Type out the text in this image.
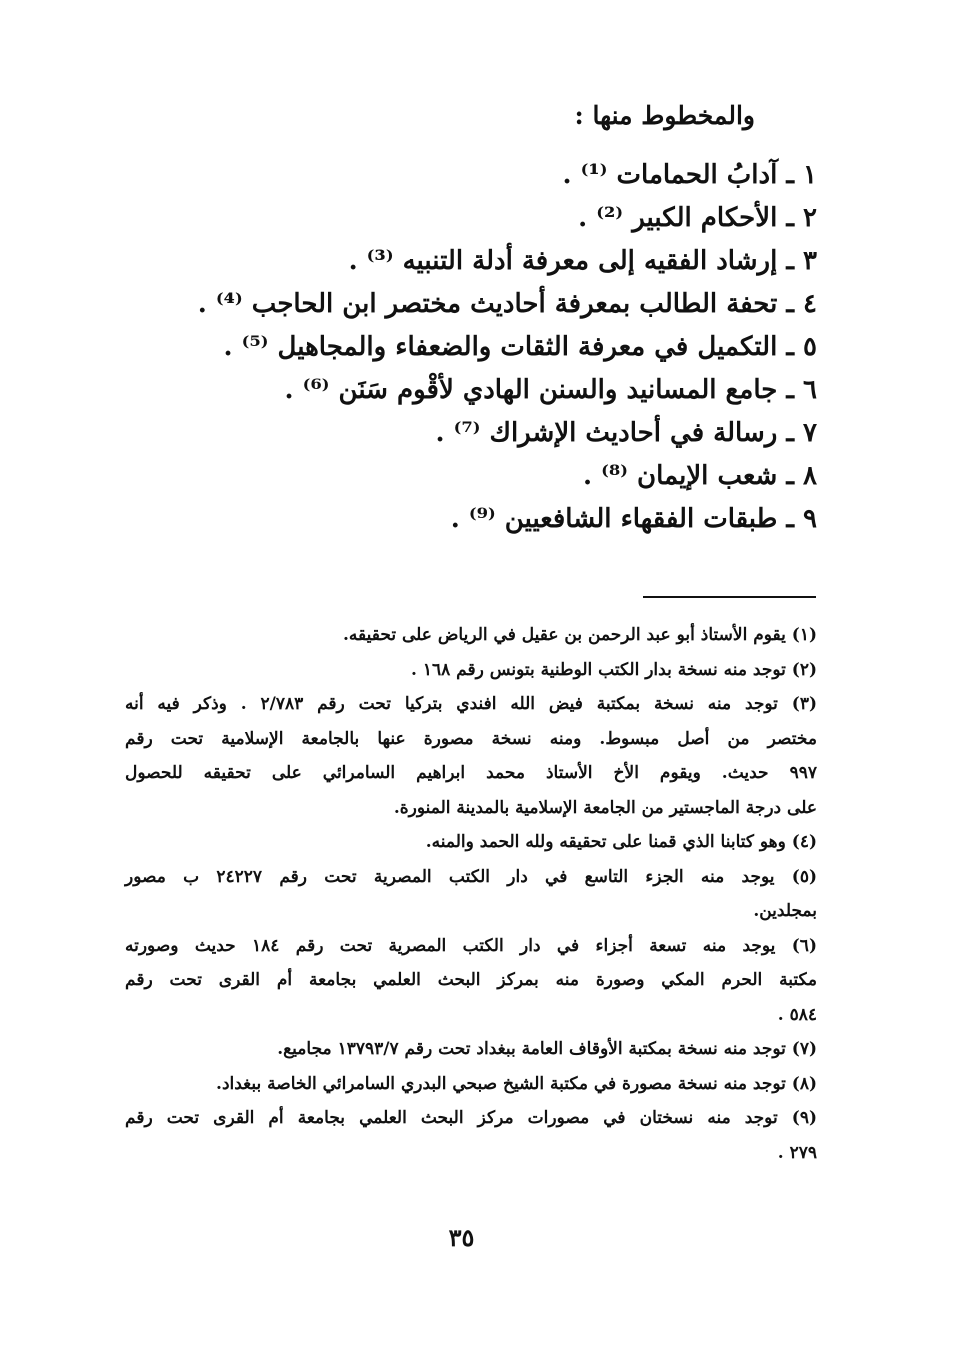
والمخطوط منها :
١ ـ آدابُ الحمامات ⁽¹⁾ .
٢ ـ الأحكام الكبير ⁽²⁾ .
٣ ـ إرشاد الفقيه إلى معرفة أدلة التنبيه ⁽³⁾ .
٤ ـ تحفة الطالب بمعرفة أحاديث مختصر ابن الحاجب ⁽⁴⁾ .
٥ ـ التكميل في معرفة الثقات والضعفاء والمجاهيل ⁽⁵⁾ .
٦ ـ جامع المسانيد والسنن الهادي لأقْوم سَنَن ⁽⁶⁾ .
٧ ـ رسالة في أحاديث الإشراك ⁽⁷⁾ .
٨ ـ شعب الإيمان ⁽⁸⁾ .
٩ ـ طبقات الفقهاء الشافعيين ⁽⁹⁾ .
(١) يقوم الأستاذ أبو عبد الرحمن بن عقيل في الرياض على تحقيقه.
(٢) توجد منه نسخة بدار الكتب الوطنية بتونس رقم ١٦٨ .
(٣) توجد منه نسخة بمكتبة فيض الله افندي بتركيا تحت رقم ٢/٧٨٣ . وذكر فيه أنه
مختصر من أصل مبسوط. ومنه نسخة مصورة عنها بالجامعة الإسلامية تحت رقم
٩٩٧ حديث. ويقوم الأخ الأستاذ محمد ابراهيم السامرائي على تحقيقه للحصول
على درجة الماجستير من الجامعة الإسلامية بالمدينة المنورة.
(٤) وهو كتابنا الذي قمنا على تحقيقه ولله الحمد والمنه.
(٥) يوجد منه الجزء التاسع في دار الكتب المصرية تحت رقم ٢٤٢٢٧ ب مصور
بمجلدين.
(٦) يوجد منه تسعة أجزاء في دار الكتب المصرية تحت رقم ١٨٤ حديث وصورته
مكتبة الحرم المكي وصورة منه بمركز البحث العلمي بجامعة أم القرى تحت رقم
٥٨٤ .
(٧) توجد منه نسخة بمكتبة الأوقاف العامة ببغداد تحت رقم ١٣٧٩٣/٧ مجاميع.
(٨) توجد منه نسخة مصورة في مكتبة الشيخ صبحي البدري السامرائي الخاصة ببغداد.
(٩) توجد منه نسختان في مصورات مركز البحث العلمي بجامعة أم القرى تحت رقم
٢٧٩ .
٣٥
